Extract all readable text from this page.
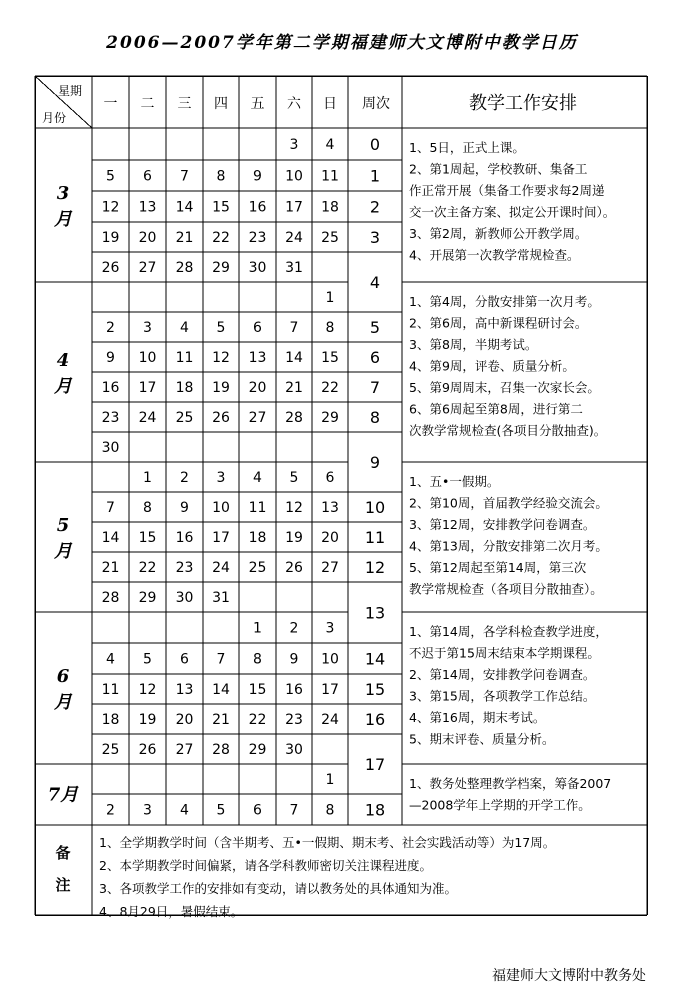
2006—2007学年第二学期福建师大文博附中教学日历
星期
月份
一 二 三 四 五 六 日 周次	教学工作安排
3
月
4
月
5
月
6
月
7月
3 4
5 6 7 8 9 10 11
12 13 14 15 16 17 18
19 20 21 22 23 24 25
26 27 28 29 30 31
1
2 3 4 5 6 7 8
9 10 11 12 13 14 15
16 17 18 19 20 21 22
23 24 25 26 27 28 29
30
1 2 3 4 5 6
7 8 9 10 11 12 13
14 15 16 17 18 19 20
21 22 23 24 25 26 27
28 29 30 31
1 2 3
4 5 6 7 8 9 10
11 12 13 14 15 16 17
18 19 20 21 22 23 24
25 26 27 28 29 30
1
2 3 4 5 6 7 8
0
1
2
3
4
5
6
7
8
9
10
11
12
13
14
15
16
17
18
1、5日，正式上课。
2、第1周起，学校教研、集备工
作正常开展（集备工作要求每2周递
交一次主备方案、拟定公开课时间）。
3、第2周，新教师公开教学周。
4、开展第一次教学常规检查。
1、第4周，分散安排第一次月考。
2、第6周，高中新课程研讨会。
3、第8周，半期考试。
4、第9周，评卷、质量分析。
5、第9周周末，召集一次家长会。
6、第6周起至第8周，进行第二
次教学常规检查(各项目分散抽查)。
1、五•一假期。
2、第10周，首届教学经验交流会。
3、第12周，安排教学问卷调查。
4、第13周，分散安排第二次月考。
5、第12周起至第14周，第三次
教学常规检查（各项目分散抽查）。
1、第14周，各学科检查教学进度，
不迟于第15周末结束本学期课程。
2、第14周，安排教学问卷调查。
3、第15周，各项教学工作总结。
4、第16周，期末考试。
5、期末评卷、质量分析。
1、教务处整理教学档案，筹备2007
—2008学年上学期的开学工作。
备
注
1、全学期教学时间（含半期考、五•一假期、期末考、社会实践活动等）为17周。
2、本学期教学时间偏紧，请各学科教师密切关注课程进度。
3、各项教学工作的安排如有变动，请以教务处的具体通知为准。
4、8月29日，暑假结束。
福建师大文博附中教务处
